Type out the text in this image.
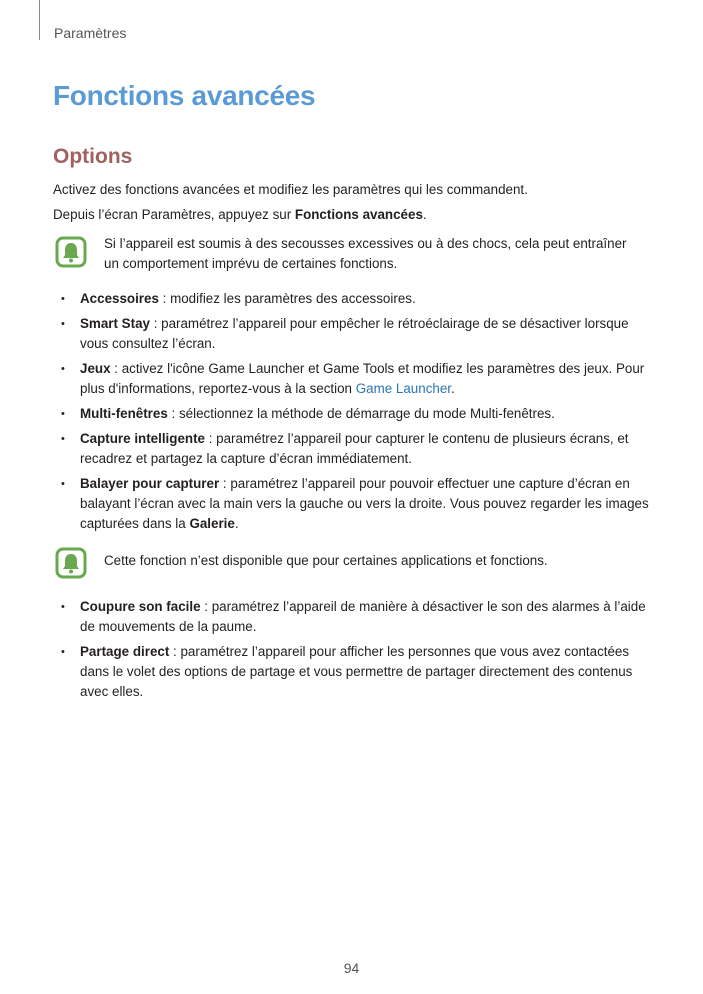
Paramètres
Fonctions avancées
Options
Activez des fonctions avancées et modifiez les paramètres qui les commandent.
Depuis l’écran Paramètres, appuyez sur Fonctions avancées.
Si l’appareil est soumis à des secousses excessives ou à des chocs, cela peut entraîner un comportement imprévu de certaines fonctions.
• Accessoires : modifiez les paramètres des accessoires.
• Smart Stay : paramétrez l’appareil pour empêcher le rétroéclairage de se désactiver lorsque vous consultez l’écran.
• Jeux : activez l'icône Game Launcher et Game Tools et modifiez les paramètres des jeux. Pour plus d'informations, reportez-vous à la section Game Launcher.
• Multi-fenêtres : sélectionnez la méthode de démarrage du mode Multi-fenêtres.
• Capture intelligente : paramétrez l’appareil pour capturer le contenu de plusieurs écrans, et recadrez et partagez la capture d’écran immédiatement.
• Balayer pour capturer : paramétrez l’appareil pour pouvoir effectuer une capture d’écran en balayant l’écran avec la main vers la gauche ou vers la droite. Vous pouvez regarder les images capturées dans la Galerie.
Cette fonction n’est disponible que pour certaines applications et fonctions.
• Coupure son facile : paramétrez l’appareil de manière à désactiver le son des alarmes à l’aide de mouvements de la paume.
• Partage direct : paramétrez l’appareil pour afficher les personnes que vous avez contactées dans le volet des options de partage et vous permettre de partager directement des contenus avec elles.
94
